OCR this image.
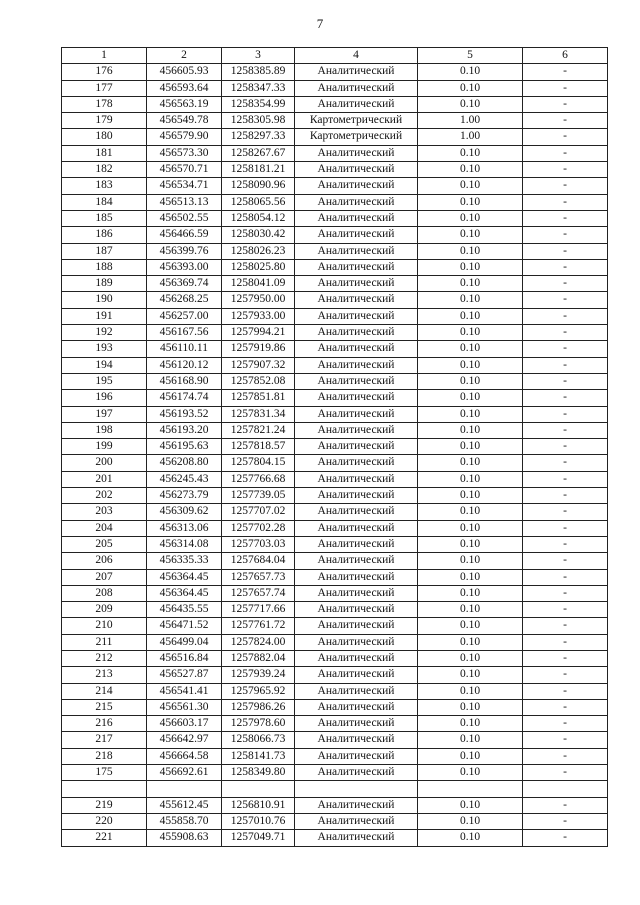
7
1	2	3	4	5	6
176	456605.93	1258385.89	Аналитический	0.10	-
177	456593.64	1258347.33	Аналитический	0.10	-
178	456563.19	1258354.99	Аналитический	0.10	-
179	456549.78	1258305.98	Картометрический	1.00	-
180	456579.90	1258297.33	Картометрический	1.00	-
181	456573.30	1258267.67	Аналитический	0.10	-
182	456570.71	1258181.21	Аналитический	0.10	-
183	456534.71	1258090.96	Аналитический	0.10	-
184	456513.13	1258065.56	Аналитический	0.10	-
185	456502.55	1258054.12	Аналитический	0.10	-
186	456466.59	1258030.42	Аналитический	0.10	-
187	456399.76	1258026.23	Аналитический	0.10	-
188	456393.00	1258025.80	Аналитический	0.10	-
189	456369.74	1258041.09	Аналитический	0.10	-
190	456268.25	1257950.00	Аналитический	0.10	-
191	456257.00	1257933.00	Аналитический	0.10	-
192	456167.56	1257994.21	Аналитический	0.10	-
193	456110.11	1257919.86	Аналитический	0.10	-
194	456120.12	1257907.32	Аналитический	0.10	-
195	456168.90	1257852.08	Аналитический	0.10	-
196	456174.74	1257851.81	Аналитический	0.10	-
197	456193.52	1257831.34	Аналитический	0.10	-
198	456193.20	1257821.24	Аналитический	0.10	-
199	456195.63	1257818.57	Аналитический	0.10	-
200	456208.80	1257804.15	Аналитический	0.10	-
201	456245.43	1257766.68	Аналитический	0.10	-
202	456273.79	1257739.05	Аналитический	0.10	-
203	456309.62	1257707.02	Аналитический	0.10	-
204	456313.06	1257702.28	Аналитический	0.10	-
205	456314.08	1257703.03	Аналитический	0.10	-
206	456335.33	1257684.04	Аналитический	0.10	-
207	456364.45	1257657.73	Аналитический	0.10	-
208	456364.45	1257657.74	Аналитический	0.10	-
209	456435.55	1257717.66	Аналитический	0.10	-
210	456471.52	1257761.72	Аналитический	0.10	-
211	456499.04	1257824.00	Аналитический	0.10	-
212	456516.84	1257882.04	Аналитический	0.10	-
213	456527.87	1257939.24	Аналитический	0.10	-
214	456541.41	1257965.92	Аналитический	0.10	-
215	456561.30	1257986.26	Аналитический	0.10	-
216	456603.17	1257978.60	Аналитический	0.10	-
217	456642.97	1258066.73	Аналитический	0.10	-
218	456664.58	1258141.73	Аналитический	0.10	-
175	456692.61	1258349.80	Аналитический	0.10	-

219	455612.45	1256810.91	Аналитический	0.10	-
220	455858.70	1257010.76	Аналитический	0.10	-
221	455908.63	1257049.71	Аналитический	0.10	-
